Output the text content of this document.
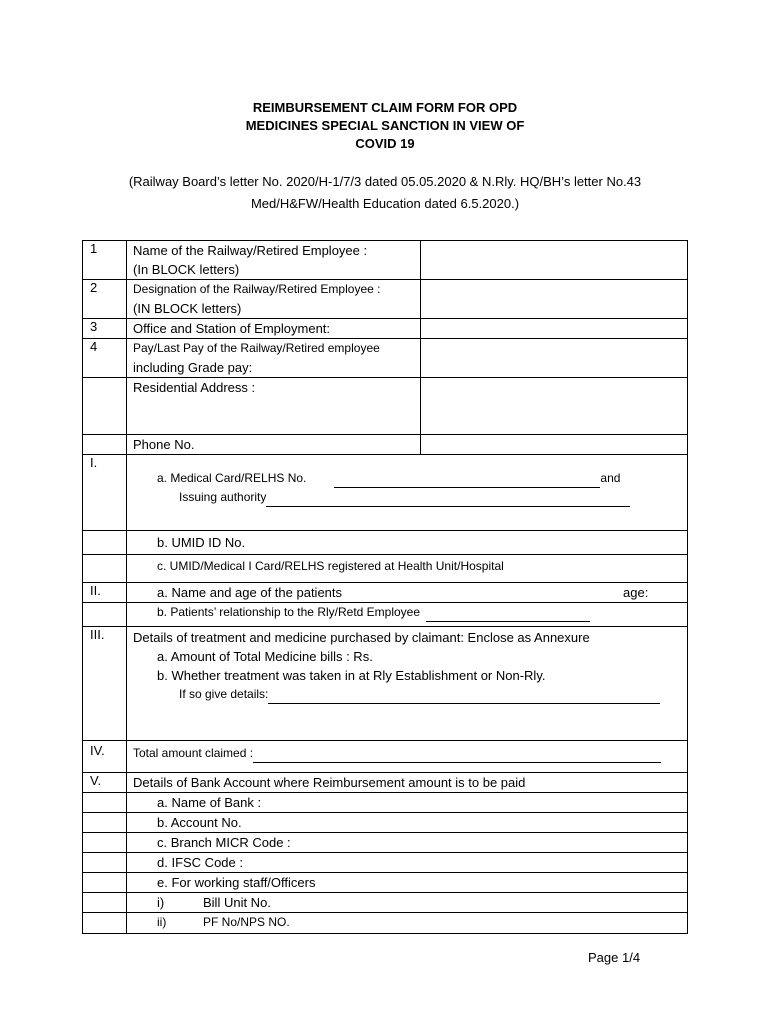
REIMBURSEMENT CLAIM FORM FOR OPD
MEDICINES SPECIAL SANCTION IN VIEW OF
COVID 19
(Railway Board’s letter No. 2020/H-1/7/3 dated 05.05.2020 & N.Rly. HQ/BH’s letter No.43
Med/H&FW/Health Education dated 6.5.2020.)
1	Name of the Railway/Retired Employee :
(In BLOCK letters)	

2	Designation of the Railway/Retired Employee :
(IN BLOCK letters)	

3	Office and Station of Employment:	

4	Pay/Last Pay of the Railway/Retired employee
including Grade pay:	

	Residential Address :	

	Phone No.	

I.	a. Medical Card/RELHS No. and
Issuing authority	

	b. UMID ID No.	

	c. UMID/Medical I Card/RELHS registered at Health Unit/Hospital	

II.	a. Name and age of the patients age:	

	b. Patients’ relationship to the Rly/Retd Employee	

III.	Details of treatment and medicine purchased by claimant: Enclose as Annexure
a. Amount of Total Medicine bills : Rs.
b. Whether treatment was taken in at Rly Establishment or Non-Rly.
If so give details:	

IV.	Total amount claimed :	

V.	Details of Bank Account where Reimbursement amount is to be paid	

	a. Name of Bank :	

	b. Account No.	

	c. Branch MICR Code :	

	d. IFSC Code :	

	e. For working staff/Officers	

	i) Bill Unit No.	

	ii) PF No/NPS NO.	
Page 1/4
